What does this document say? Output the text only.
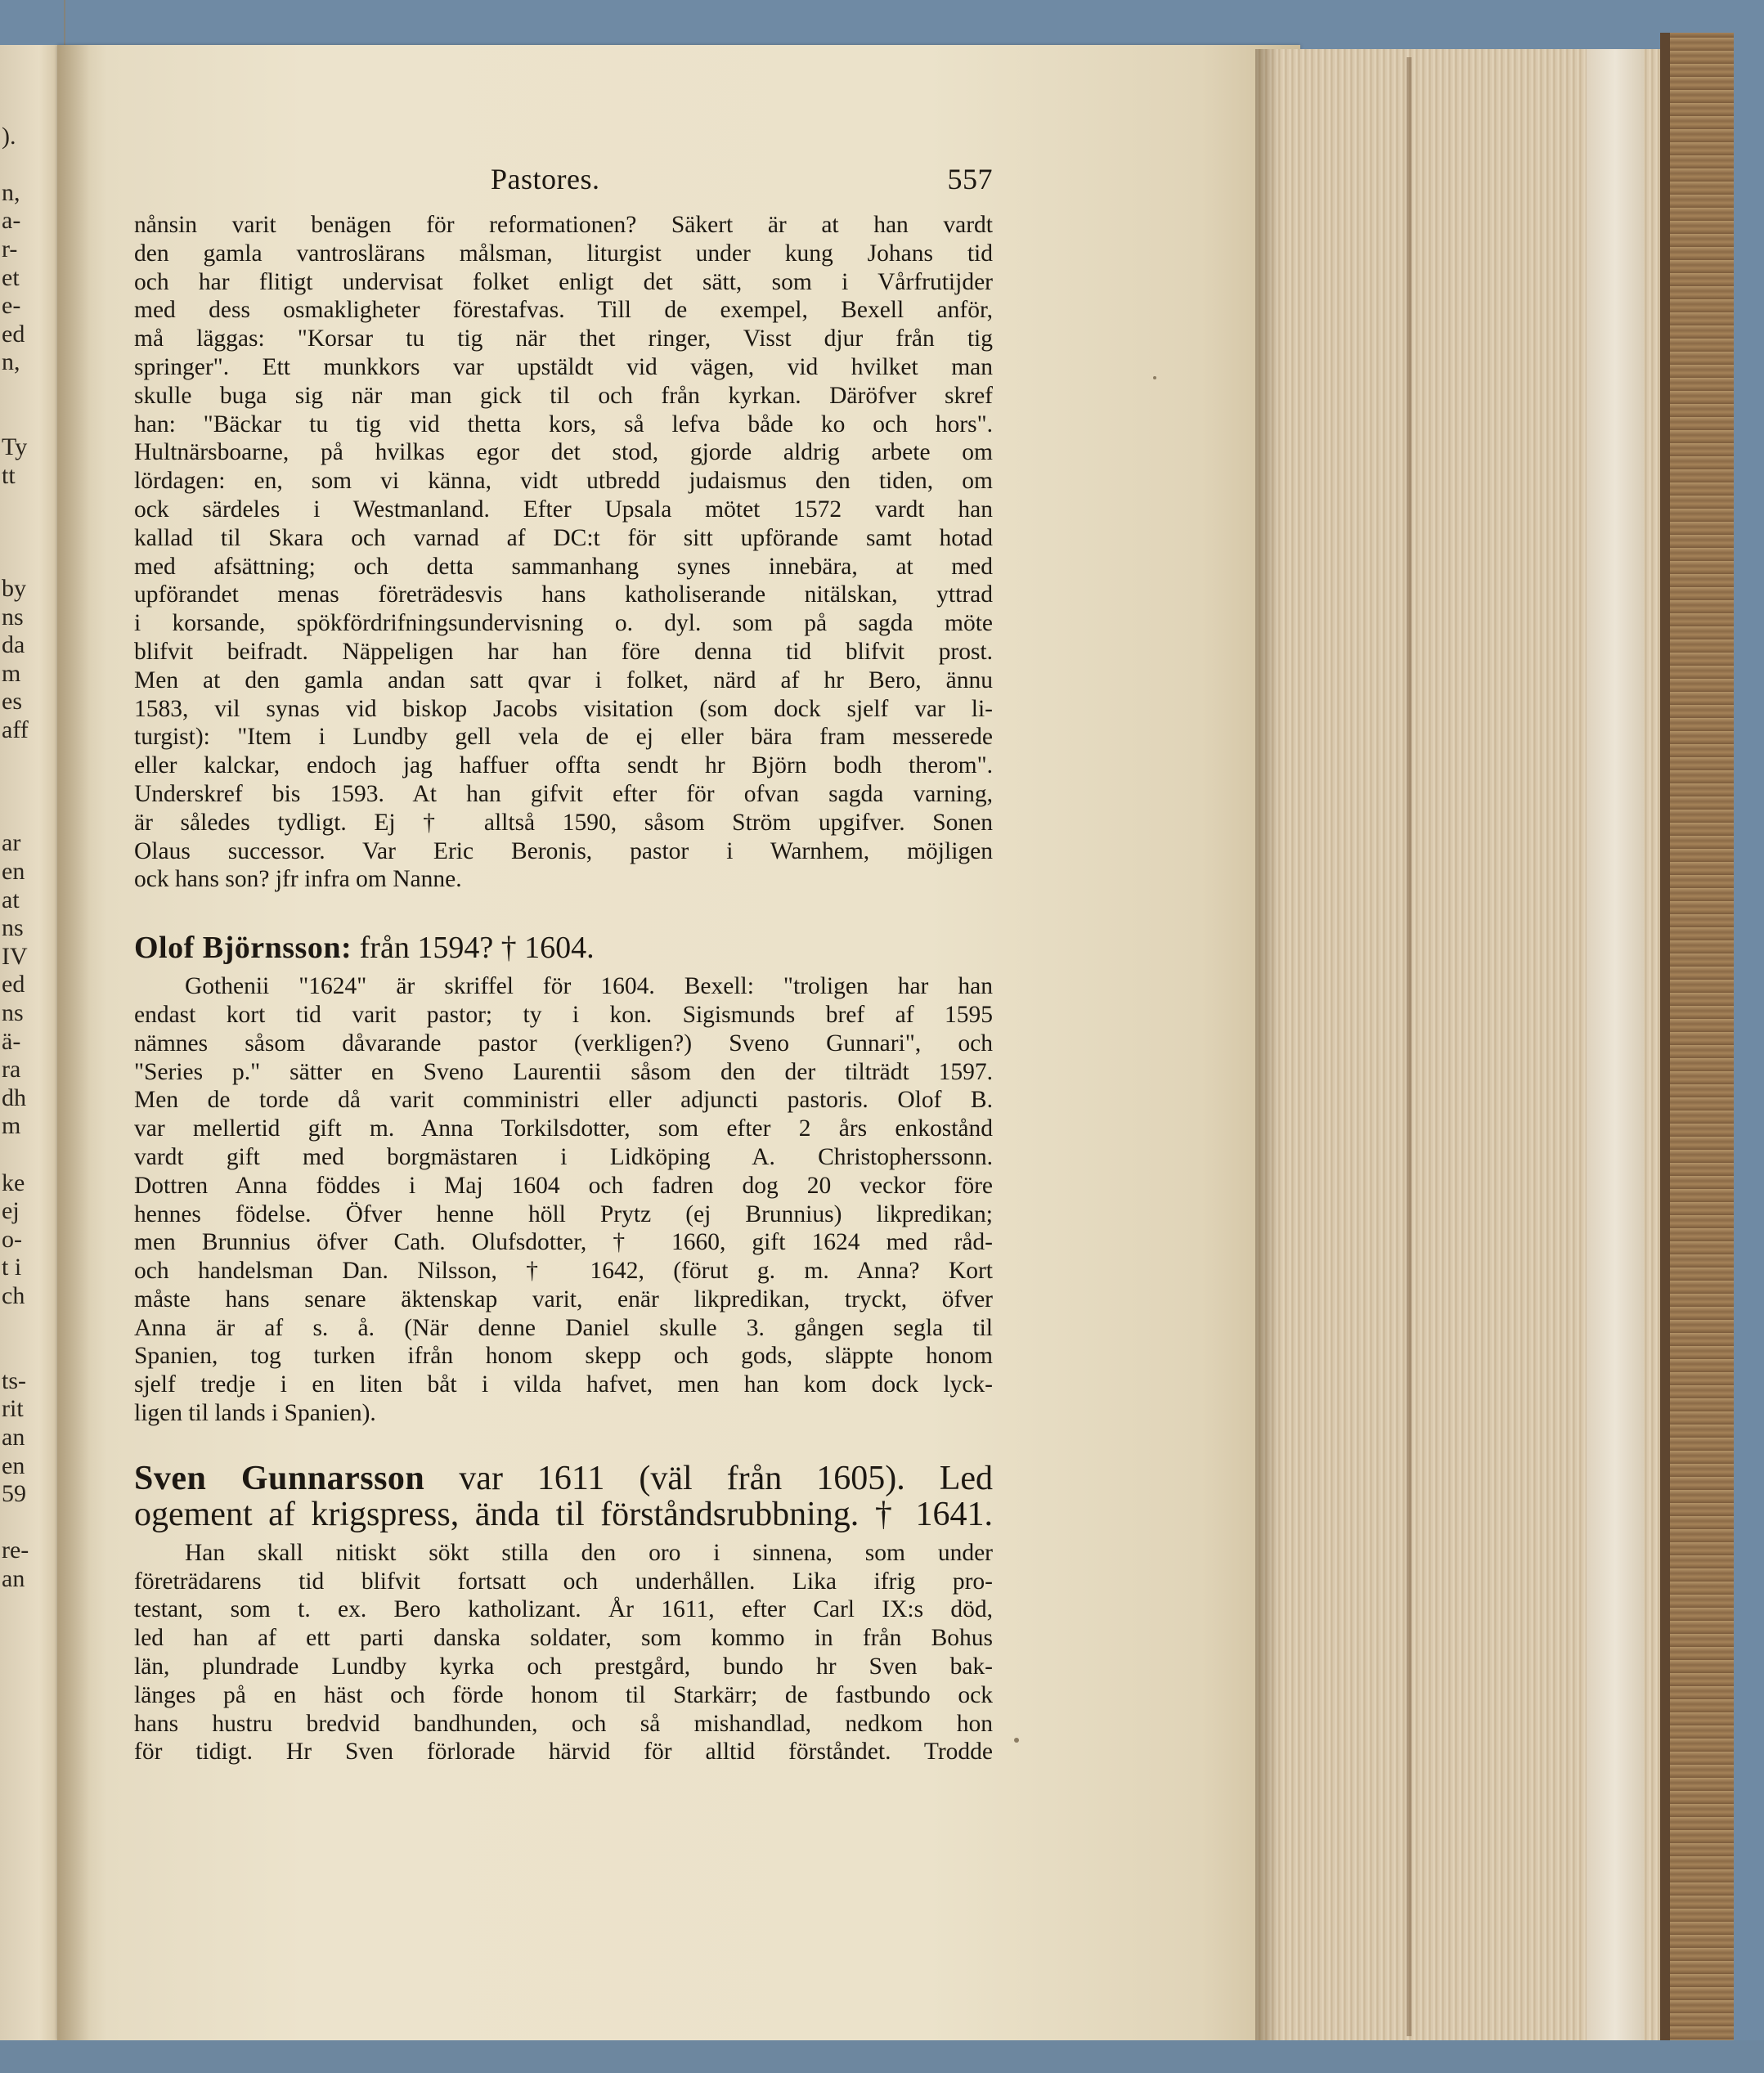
).
n,
a-
r-
et
e-
ed
n,
Ty
tt
by
ns
da
m
es
aff
ar
en
at
ns
IV
ed
ns
ä-
ra
dh
m
ke
ej
o-
t i
ch
ts-
rit
an
en
59
re-
an
Pastores.	557
nånsin varit benägen för reformationen? Säkert är at han vardt
den gamla vantroslärans målsman, liturgist under kung Johans tid
och har flitigt undervisat folket enligt det sätt, som i Vårfrutijder
med dess osmakligheter förestafvas. Till de exempel, Bexell anför,
må läggas: "Korsar tu tig när thet ringer, Visst djur från tig
springer". Ett munkkors var upstäldt vid vägen, vid hvilket man
skulle buga sig när man gick til och från kyrkan. Däröfver skref
han: "Bäckar tu tig vid thetta kors, så lefva både ko och hors".
Hultnärsboarne, på hvilkas egor det stod, gjorde aldrig arbete om
lördagen: en, som vi känna, vidt utbredd judaismus den tiden, om
ock särdeles i Westmanland. Efter Upsala mötet 1572 vardt han
kallad til Skara och varnad af DC:t för sitt upförande samt hotad
med afsättning; och detta sammanhang synes innebära, at med
upförandet menas företrädesvis hans katholiserande nitälskan, yttrad
i korsande, spökfördrifningsundervisning o. dyl. som på sagda möte
blifvit beifradt. Näppeligen har han före denna tid blifvit prost.
Men at den gamla andan satt qvar i folket, närd af hr Bero, ännu
1583, vil synas vid biskop Jacobs visitation (som dock sjelf var li-
turgist): "Item i Lundby gell vela de ej eller bära fram messerede
eller kalckar, endoch jag haffuer offta sendt hr Björn bodh therom".
Underskref bis 1593. At han gifvit efter för ofvan sagda varning,
är således tydligt. Ej † alltså 1590, såsom Ström upgifver. Sonen
Olaus successor. Var Eric Beronis, pastor i Warnhem, möjligen
ock hans son? jfr infra om Nanne.
Olof Björnsson: från 1594? † 1604.
Gothenii "1624" är skriffel för 1604. Bexell: "troligen har han
endast kort tid varit pastor; ty i kon. Sigismunds bref af 1595
nämnes såsom dåvarande pastor (verkligen?) Sveno Gunnari", och
"Series p." sätter en Sveno Laurentii såsom den der tilträdt 1597.
Men de torde då varit comministri eller adjuncti pastoris. Olof B.
var mellertid gift m. Anna Torkilsdotter, som efter 2 års enkostånd
vardt gift med borgmästaren i Lidköping A. Christopherssonn.
Dottren Anna föddes i Maj 1604 och fadren dog 20 veckor före
hennes födelse. Öfver henne höll Prytz (ej Brunnius) likpredikan;
men Brunnius öfver Cath. Olufsdotter, † 1660, gift 1624 med råd-
och handelsman Dan. Nilsson, † 1642, (förut g. m. Anna? Kort
måste hans senare äktenskap varit, enär likpredikan, tryckt, öfver
Anna är af s. å. (När denne Daniel skulle 3. gången segla til
Spanien, tog turken ifrån honom skepp och gods, släppte honom
sjelf tredje i en liten båt i vilda hafvet, men han kom dock lyck-
ligen til lands i Spanien).
Sven Gunnarsson var 1611 (väl från 1605). Led
ogement af krigspress, ända til förståndsrubbning. † 1641.
Han skall nitiskt sökt stilla den oro i sinnena, som under
företrädarens tid blifvit fortsatt och underhållen. Lika ifrig pro-
testant, som t. ex. Bero katholizant. År 1611, efter Carl IX:s död,
led han af ett parti danska soldater, som kommo in från Bohus
län, plundrade Lundby kyrka och prestgård, bundo hr Sven bak-
länges på en häst och förde honom til Starkärr; de fastbundo ock
hans hustru bredvid bandhunden, och så mishandlad, nedkom hon
för tidigt. Hr Sven förlorade härvid för alltid förståndet. Trodde
